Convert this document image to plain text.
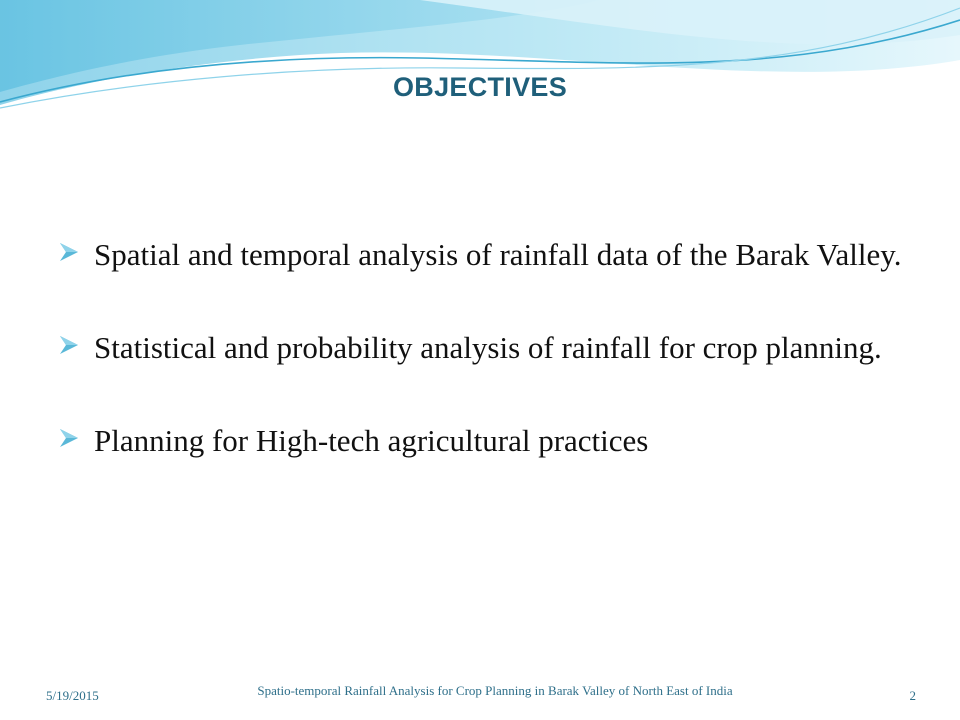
OBJECTIVES
Spatial and temporal analysis of rainfall data of the Barak Valley.
Statistical and probability analysis of rainfall for crop planning.
Planning for High-tech agricultural practices
5/19/2015	Spatio-temporal Rainfall Analysis for Crop Planning in Barak Valley of North East of India	2
